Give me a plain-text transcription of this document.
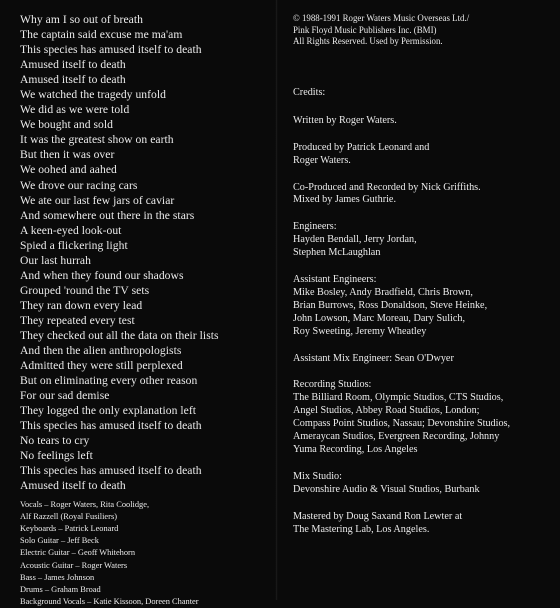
Why am I so out of breath
The captain said excuse me ma'am
This species has amused itself to death
Amused itself to death
Amused itself to death
We watched the tragedy unfold
We did as we were told
We bought and sold
It was the greatest show on earth
But then it was over
We oohed and aahed
We drove our racing cars
We ate our last few jars of caviar
And somewhere out there in the stars
A keen-eyed look-out
Spied a flickering light
Our last hurrah
And when they found our shadows
Grouped 'round the TV sets
They ran down every lead
They repeated every test
They checked out all the data on their lists
And then the alien anthropologists
Admitted they were still perplexed
But on eliminating every other reason
For our sad demise
They logged the only explanation left
This species has amused itself to death
No tears to cry
No feelings left
This species has amused itself to death
Amused itself to death
Vocals – Roger Waters, Rita Coolidge,
Alf Razzell (Royal Fusiliers)
Keyboards – Patrick Leonard
Solo Guitar – Jeff Beck
Electric Guitar – Geoff Whitehorn
Acoustic Guitar – Roger Waters
Bass – James Johnson
Drums – Graham Broad
Background Vocals – Katie Kissoon, Doreen Chanter
© 1988-1991 Roger Waters Music Overseas Ltd./
Pink Floyd Music Publishers Inc. (BMI)
All Rights Reserved. Used by Permission.
Credits:
Written by Roger Waters.
Produced by Patrick Leonard and
Roger Waters.
Co-Produced and Recorded by Nick Griffiths.
Mixed by James Guthrie.
Engineers:
Hayden Bendall, Jerry Jordan,
Stephen McLaughlan
Assistant Engineers:
Mike Bosley, Andy Bradfield, Chris Brown,
Brian Burrows, Ross Donaldson, Steve Heinke,
John Lowson, Marc Moreau, Dary Sulich,
Roy Sweeting, Jeremy Wheatley
Assistant Mix Engineer: Sean O'Dwyer
Recording Studios:
The Billiard Room, Olympic Studios, CTS Studios,
Angel Studios, Abbey Road Studios, London;
Compass Point Studios, Nassau; Devonshire Studios,
Ameraycan Studios, Evergreen Recording, Johnny
Yuma Recording, Los Angeles
Mix Studio:
Devonshire Audio & Visual Studios, Burbank
Mastered by Doug Saxand Ron Lewter at
The Mastering Lab, Los Angeles.
